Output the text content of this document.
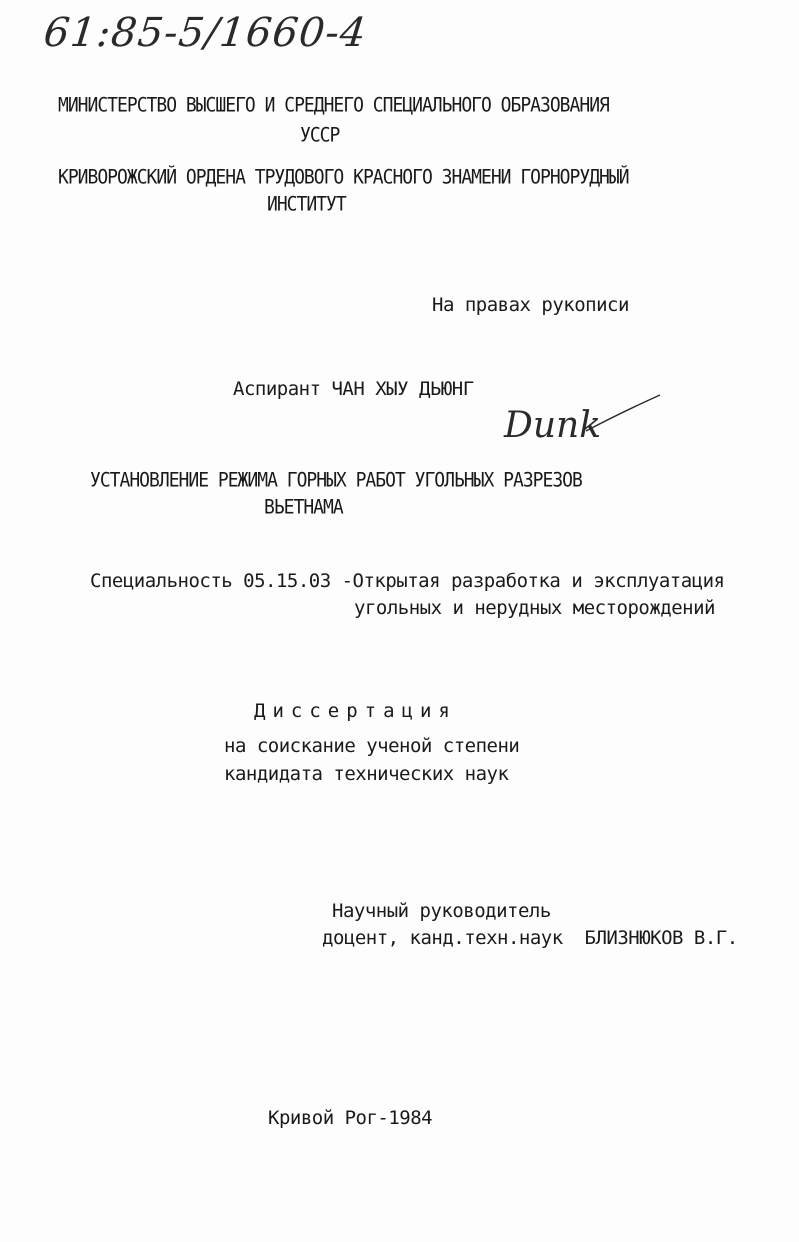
61:85-5/1660-4
МИНИСТЕРСТВО ВЫСШЕГО И СРЕДНЕГО СПЕЦИАЛЬНОГО ОБРАЗОВАНИЯ
УССР
КРИВОРОЖСКИЙ ОРДЕНА ТРУДОВОГО КРАСНОГО ЗНАМЕНИ ГОРНОРУДНЫЙ
ИНСТИТУТ
На правах рукописи
Аспирант ЧАН ХЫУ ДЬЮНГ
Dunk
УСТАНОВЛЕНИЕ РЕЖИМА ГОРНЫХ РАБОТ УГОЛЬНЫХ РАЗРЕЗОВ
ВЬЕТНАМА
Специальность 05.15.03 -Открытая разработка и эксплуатация
угольных и нерудных месторождений
Диссертация
на соискание ученой степени
кандидата технических наук
Научный руководитель
доцент, канд.техн.наук  БЛИЗНЮКОВ В.Г.
Кривой Рог-1984
